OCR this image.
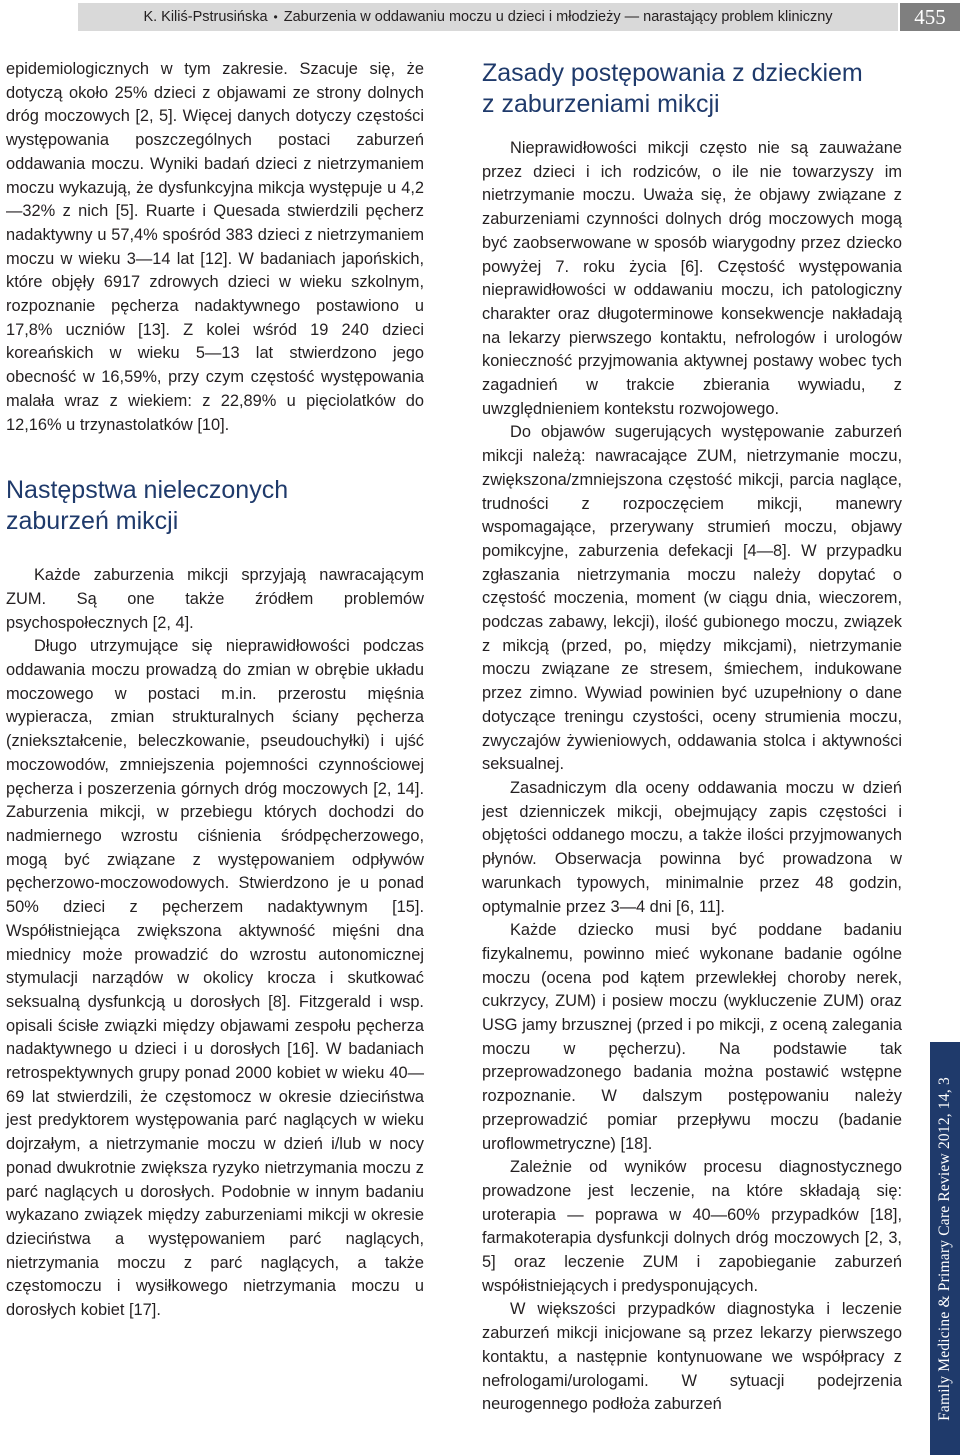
K. Kiliś-Pstrusińska • Zaburzenia w oddawaniu moczu u dzieci i młodzieży — narastający problem kliniczny	455

epidemiologicznych w tym zakresie. Szacuje się, że dotyczą około 25% dzieci z objawami ze strony dolnych dróg moczowych [2, 5]. Więcej danych dotyczy częstości występowania poszczególnych postaci zaburzeń oddawania moczu. Wyniki badań dzieci z nietrzymaniem moczu wykazują, że dysfunkcyjna mikcja występuje u 4,2—32% z nich [5]. Ruarte i Quesada stwierdzili pęcherz nadaktywny u 57,4% spośród 383 dzieci z nietrzymaniem moczu w wieku 3—14 lat [12]. W badaniach japońskich, które objęły 6917 zdrowych dzieci w wieku szkolnym, rozpoznanie pęcherza nadaktywnego postawiono u 17,8% uczniów [13]. Z kolei wśród 19 240 dzieci koreańskich w wieku 5—13 lat stwierdzono jego obecność w 16,59%, przy czym częstość występowania malała wraz z wiekiem: z 22,89% u pięciolatków do 12,16% u trzynastolatków [10].

Następstwa nieleczonych
zaburzeń mikcji

Każde zaburzenia mikcji sprzyjają nawracającym ZUM. Są one także źródłem problemów psychospołecznych [2, 4].

Długo utrzymujące się nieprawidłowości podczas oddawania moczu prowadzą do zmian w obrębie układu moczowego w postaci m.in. przerostu mięśnia wypieracza, zmian strukturalnych ściany pęcherza (zniekształcenie, beleczkowanie, pseudouchyłki) i ujść moczowodów, zmniejszenia pojemności czynnościowej pęcherza i poszerzenia górnych dróg moczowych [2, 14]. Zaburzenia mikcji, w przebiegu których dochodzi do nadmiernego wzrostu ciśnienia śródpęcherzowego, mogą być związane z występowaniem odpływów pęcherzowo-moczowodowych. Stwierdzono je u ponad 50% dzieci z pęcherzem nadaktywnym [15]. Współistniejąca zwiększona aktywność mięśni dna miednicy może prowadzić do wzrostu autonomicznej stymulacji narządów w okolicy krocza i skutkować seksualną dysfunkcją u dorosłych [8]. Fitzgerald i wsp. opisali ścisłe związki między objawami zespołu pęcherza nadaktywnego u dzieci i u dorosłych [16]. W badaniach retrospektywnych grupy ponad 2000 kobiet w wieku 40—69 lat stwierdzili, że częstomocz w okresie dzieciństwa jest predyktorem występowania parć naglących w wieku dojrzałym, a nietrzymanie moczu w dzień i/lub w nocy ponad dwukrotnie zwiększa ryzyko nietrzymania moczu z parć naglących u dorosłych. Podobnie w innym badaniu wykazano związek między zaburzeniami mikcji w okresie dzieciństwa a występowaniem parć naglących, nietrzymania moczu z parć naglących, a także częstomoczu i wysiłkowego nietrzymania moczu u dorosłych kobiet [17].

Zasady postępowania z dzieckiem
z zaburzeniami mikcji

Nieprawidłowości mikcji często nie są zauważane przez dzieci i ich rodziców, o ile nie towarzyszy im nietrzymanie moczu. Uważa się, że objawy związane z zaburzeniami czynności dolnych dróg moczowych mogą być zaobserwowane w sposób wiarygodny przez dziecko powyżej 7. roku życia [6]. Częstość występowania nieprawidłowości w oddawaniu moczu, ich patologiczny charakter oraz długoterminowe konsekwencje nakładają na lekarzy pierwszego kontaktu, nefrologów i urologów konieczność przyjmowania aktywnej postawy wobec tych zagadnień w trakcie zbierania wywiadu, z uwzględnieniem kontekstu rozwojowego.

Do objawów sugerujących występowanie zaburzeń mikcji należą: nawracające ZUM, nietrzymanie moczu, zwiększona/zmniejszona częstość mikcji, parcia naglące, trudności z rozpoczęciem mikcji, manewry wspomagające, przerywany strumień moczu, objawy pomikcyjne, zaburzenia defekacji [4—8]. W przypadku zgłaszania nietrzymania moczu należy dopytać o częstość moczenia, moment (w ciągu dnia, wieczorem, podczas zabawy, lekcji), ilość gubionego moczu, związek z mikcją (przed, po, między mikcjami), nietrzymanie moczu związane ze stresem, śmiechem, indukowane przez zimno. Wywiad powinien być uzupełniony o dane dotyczące treningu czystości, oceny strumienia moczu, zwyczajów żywieniowych, oddawania stolca i aktywności seksualnej.

Zasadniczym dla oceny oddawania moczu w dzień jest dzienniczek mikcji, obejmujący zapis częstości i objętości oddanego moczu, a także ilości przyjmowanych płynów. Obserwacja powinna być prowadzona w warunkach typowych, minimalnie przez 48 godzin, optymalnie przez 3—4 dni [6, 11].

Każde dziecko musi być poddane badaniu fizykalnemu, powinno mieć wykonane badanie ogólne moczu (ocena pod kątem przewlekłej choroby nerek, cukrzycy, ZUM) i posiew moczu (wykluczenie ZUM) oraz USG jamy brzusznej (przed i po mikcji, z oceną zalegania moczu w pęcherzu). Na podstawie tak przeprowadzonego badania można postawić wstępne rozpoznanie. W dalszym postępowaniu należy przeprowadzić pomiar przepływu moczu (badanie uroflowmetryczne) [18].

Zależnie od wyników procesu diagnostycznego prowadzone jest leczenie, na które składają się: uroterapia — poprawa w 40—60% przypadków [18], farmakoterapia dysfunkcji dolnych dróg moczowych [2, 3, 5] oraz leczenie ZUM i zapobieganie zaburzeń współistniejących i predysponujących.

W większości przypadków diagnostyka i leczenie zaburzeń mikcji inicjowane są przez lekarzy pierwszego kontaktu, a następnie kontynuowane we współpracy z nefrologami/urologami. W sytuacji podejrzenia neurogennego podłoża zaburzeń	Family Medicine & Primary Care Review 2012, 14, 3
